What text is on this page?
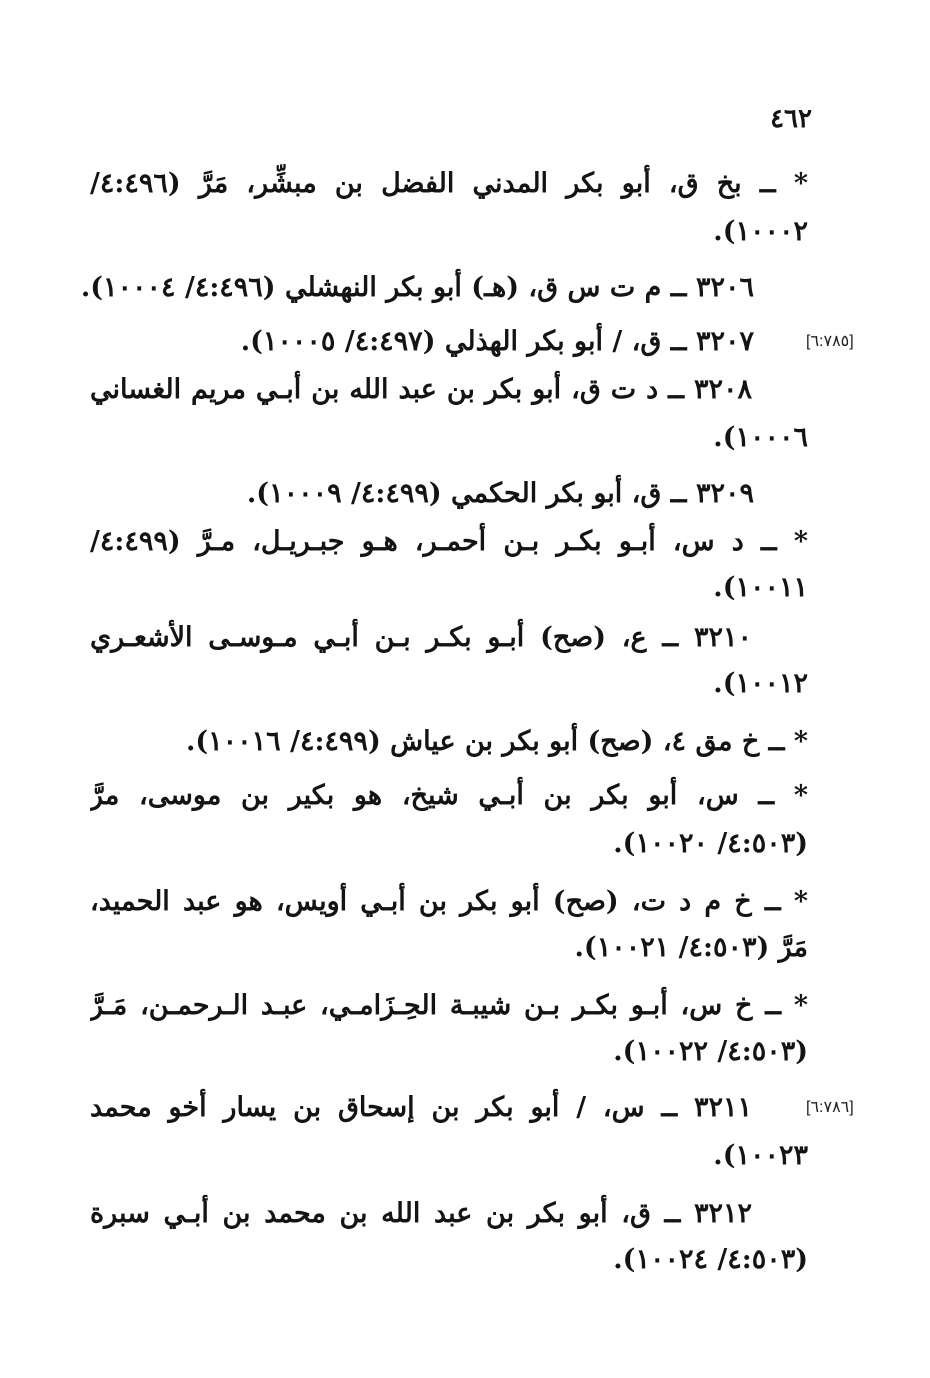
٤٦٢
* ــ بخ ق، أبو بكر المدني الفضل بن مبشِّر، مَرَّ (٤:٤٩٦/
١٠٠٠٢).
٣٢٠٦ ــ م ت س ق، (هـ) أبو بكر النهشلي (٤:٤٩٦/ ١٠٠٠٤).
٣٢٠٧ ــ ق، / أبو بكر الهذلي (٤:٤٩٧/ ١٠٠٠٥).	[٦:٧٨٥]
٣٢٠٨ ــ د ت ق، أبو بكر بن عبد الله بن أبـي مريم الغساني
١٠٠٠٦).
٣٢٠٩ ــ ق، أبو بكر الحكمي (٤:٤٩٩/ ١٠٠٠٩).
* ــ د س، أبـو بكـر بـن أحمـر، هـو جبـريـل، مـرَّ (٤:٤٩٩/
١٠٠١١).
٣٢١٠ ــ ع، (صح) أبـو بكـر بـن أبـي مـوسـى الأشعـري
١٠٠١٢).
* ــ خ مق ٤، (صح) أبو بكر بن عياش (٤:٤٩٩/ ١٠٠١٦).
* ــ س، أبو بكر بن أبـي شيخ، هو بكير بن موسى، مرَّ
(٤:٥٠٣/ ١٠٠٢٠).
* ــ خ م د ت، (صح) أبو بكر بن أبـي أويس، هو عبد الحميد،
مَرَّ (٤:٥٠٣/ ١٠٠٢١).
* ــ خ س، أبـو بكـر بـن شيبـة الحِـزَامـي، عبـد الـرحمـن، مَـرَّ
(٤:٥٠٣/ ١٠٠٢٢).
٣٢١١ ــ س، / أبو بكر بن إسحاق بن يسار أخو محمد	[٦:٧٨٦]
١٠٠٢٣).
٣٢١٢ ــ ق، أبو بكر بن عبد الله بن محمد بن أبـي سبرة
(٤:٥٠٣/ ١٠٠٢٤).
